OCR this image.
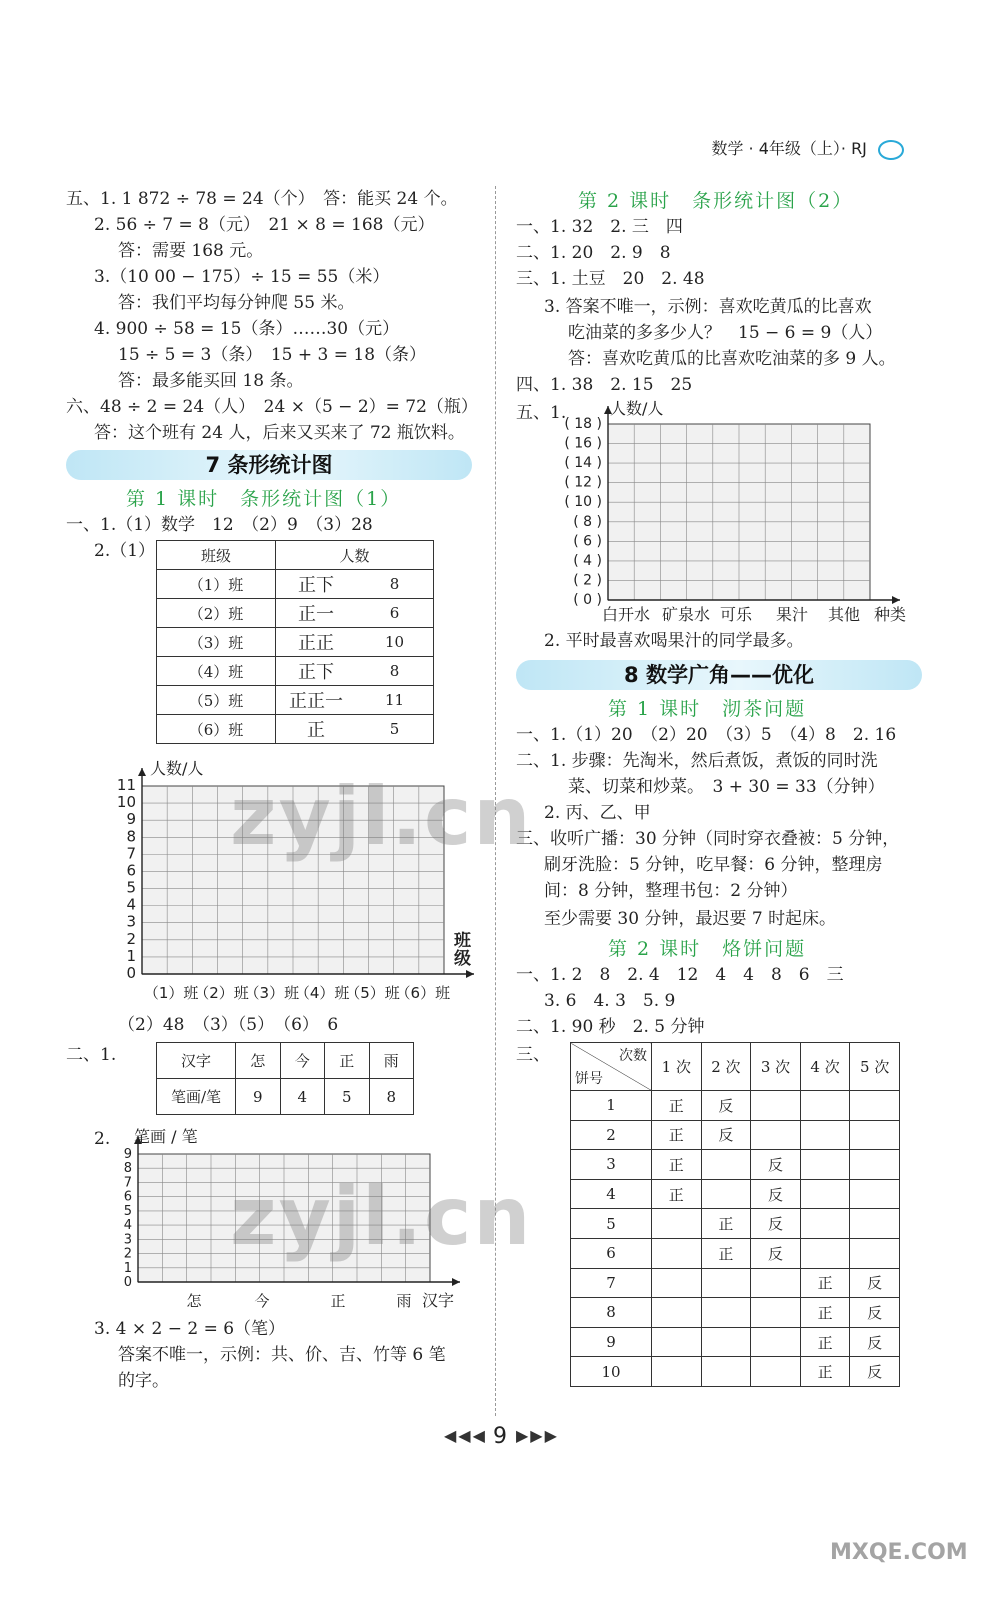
数学 · 4年级（上）· RJ
五、1. 1 872 ÷ 78 = 24（个）　答：能买 24 个。
2. 56 ÷ 7 = 8（元）　21 × 8 = 168（元）
答：需要 168 元。
3.（10 00 − 175）÷ 15 = 55（米）
答：我们平均每分钟爬 55 米。
4. 900 ÷ 58 = 15（条）……30（元）
15 ÷ 5 = 3（条）　15 + 3 = 18（条）
答：最多能买回 18 条。
六、48 ÷ 2 = 24（人）　24 ×（5 − 2）= 72（瓶）
答：这个班有 24 人，后来又买来了 72 瓶饮料。
7 条形统计图
第 1 课时　条形统计图（1）
一、1.（1）数学　12　（2）9　（3）28
2.（1）	班级	人数	
（1）班	正下	8
（2）班	正一	6
（3）班	正正	10
（4）班	正下	8
（5）班	正正一	11
（6）班	正	5
0
1
2
3
4
5
6
7
8
9
10
11
人数/人
班
级
（1）班
（2）班
（3）班
（4）班
（5）班
（6）班
（2）48　（3）（5）　（6）　6
二、1.	汉字	怎	今	正	雨
笔画/笔	9	4	5	8
2.
0
1
2
3
4
5
6
7
8
9
笔画 / 笔
汉字
怎	今	正	雨
3. 4 × 2 − 2 = 6（笔）
答案不唯一，示例：共、价、吉、竹等 6 笔
的字。
第 2 课时　条形统计图（2）
一、1. 32　2. 三　四
二、1. 20　2. 9　8
三、1. 土豆　20　2. 48
3. 答案不唯一，示例：喜欢吃黄瓜的比喜欢
吃油菜的多多少人？　15 − 6 = 9（人）
答：喜欢吃黄瓜的比喜欢吃油菜的多 9 人。
四、1. 38　2. 15　25
五、1.
( 0 )
( 2 )
( 4 )
( 6 )
( 8 )
( 10 )
( 12 )
( 14 )
( 16 )
( 18 )
人数/人
种类
白开水 矿泉水 可乐 果汁 其他
2. 平时最喜欢喝果汁的同学最多。
8 数学广角——优化
第 1 课时　沏茶问题
一、1.（1）20　（2）20　（3）5　（4）8　2. 16
二、1. 步骤：先淘米，然后煮饭，煮饭的同时洗
菜、切菜和炒菜。　3 + 30 = 33（分钟）
2. 丙、乙、甲
三、收听广播：30 分钟（同时穿衣叠被：5 分钟，
刷牙洗脸：5 分钟，吃早餐：6 分钟，整理房
间：8 分钟，整理书包：2 分钟）
至少需要 30 分钟，最迟要 7 时起床。
第 2 课时　烙饼问题
一、1. 2　8　2. 4　12　4　4　8　6　三
3. 6　4. 3　5. 9
二、1. 90 秒　2. 5 分钟
三、	次数
饼号	1 次	2 次	3 次	4 次	5 次
1	正	反			
2	正	反			
3	正		反		
4	正		反		
5		正	反		
6		正	反		
7				正	反
8				正	反
9				正	反
10				正	反
◀◀◀ 9 ▶▶▶
zyjl.cn
zyjl.cn
MXQE.COM
